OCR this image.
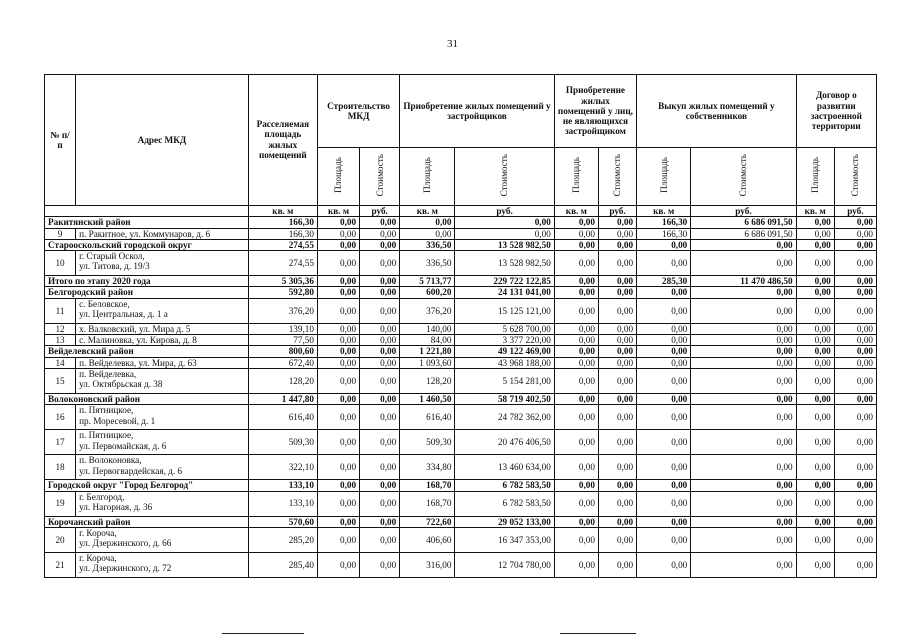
31
№ п/п	Адрес МКД	Расселяемая площадь жилых помещений	Строительство МКД		Приобретение жилых помещений у застройщиков		Приобретение жилых помещений у лиц, не являющихся застройщиком		Выкуп жилых помещений у собственников		Договор о развитии застроенной территории	
			Площадь	Стоимость	Площадь	Стоимость	Площадь	Стоимость	Площадь	Стоимость	Площадь	Стоимость
		кв. м	кв. м	руб.	кв. м	руб.	кв. м	руб.	кв. м	руб.	кв. м	руб.
Ракитянский район		166,30	0,00	0,00	0,00	0,00	0,00	0,00	166,30	6 686 091,50	0,00	0,00
9	п. Ракитное, ул. Коммунаров, д. 6	166,30	0,00	0,00	0,00	0,00	0,00	0,00	166,30	6 686 091,50	0,00	0,00
Старооскольский городской округ		274,55	0,00	0,00	336,50	13 528 982,50	0,00	0,00	0,00	0,00	0,00	0,00
10	г. Старый Оскол,
ул. Титова, д. 19/3	274,55	0,00	0,00	336,50	13 528 982,50	0,00	0,00	0,00	0,00	0,00	0,00
Итого по этапу 2020 года		5 305,36	0,00	0,00	5 713,77	229 722 122,85	0,00	0,00	285,30	11 470 486,50	0,00	0,00
Белгородский район		592,80	0,00	0,00	600,20	24 131 041,00	0,00	0,00	0,00	0,00	0,00	0,00
11	с. Беловское,
ул. Центральная, д. 1 а	376,20	0,00	0,00	376,20	15 125 121,00	0,00	0,00	0,00	0,00	0,00	0,00
12	х. Валковский, ул. Мира д. 5	139,10	0,00	0,00	140,00	5 628 700,00	0,00	0,00	0,00	0,00	0,00	0,00
13	с. Малиновка, ул. Кирова, д. 8	77,50	0,00	0,00	84,00	3 377 220,00	0,00	0,00	0,00	0,00	0,00	0,00
Вейделевский район		800,60	0,00	0,00	1 221,80	49 122 469,00	0,00	0,00	0,00	0,00	0,00	0,00
14	п. Вейделевка, ул. Мира, д. 63	672,40	0,00	0,00	1 093,60	43 968 188,00	0,00	0,00	0,00	0,00	0,00	0,00
15	п. Вейделевка,
ул. Октябрьская д. 38	128,20	0,00	0,00	128,20	5 154 281,00	0,00	0,00	0,00	0,00	0,00	0,00
Волоконовский район		1 447,80	0,00	0,00	1 460,50	58 719 402,50	0,00	0,00	0,00	0,00	0,00	0,00
16	п. Пятницкое,
пр. Моресевой, д. 1	616,40	0,00	0,00	616,40	24 782 362,00	0,00	0,00	0,00	0,00	0,00	0,00
17	п. Пятницкое,
ул. Первомайская, д. 6	509,30	0,00	0,00	509,30	20 476 406,50	0,00	0,00	0,00	0,00	0,00	0,00
18	п. Волоконовка,
ул. Первогвардейская, д. 6	322,10	0,00	0,00	334,80	13 460 634,00	0,00	0,00	0,00	0,00	0,00	0,00
Городской округ "Город Белгород"		133,10	0,00	0,00	168,70	6 782 583,50	0,00	0,00	0,00	0,00	0,00	0,00
19	г. Белгород,
ул. Нагорная, д. 36	133,10	0,00	0,00	168,70	6 782 583,50	0,00	0,00	0,00	0,00	0,00	0,00
Корочанский район		570,60	0,00	0,00	722,60	29 052 133,00	0,00	0,00	0,00	0,00	0,00	0,00
20	г. Короча,
ул. Дзержинского, д. 66	285,20	0,00	0,00	406,60	16 347 353,00	0,00	0,00	0,00	0,00	0,00	0,00
21	г. Короча,
ул. Дзержинского, д. 72	285,40	0,00	0,00	316,00	12 704 780,00	0,00	0,00	0,00	0,00	0,00	0,00
